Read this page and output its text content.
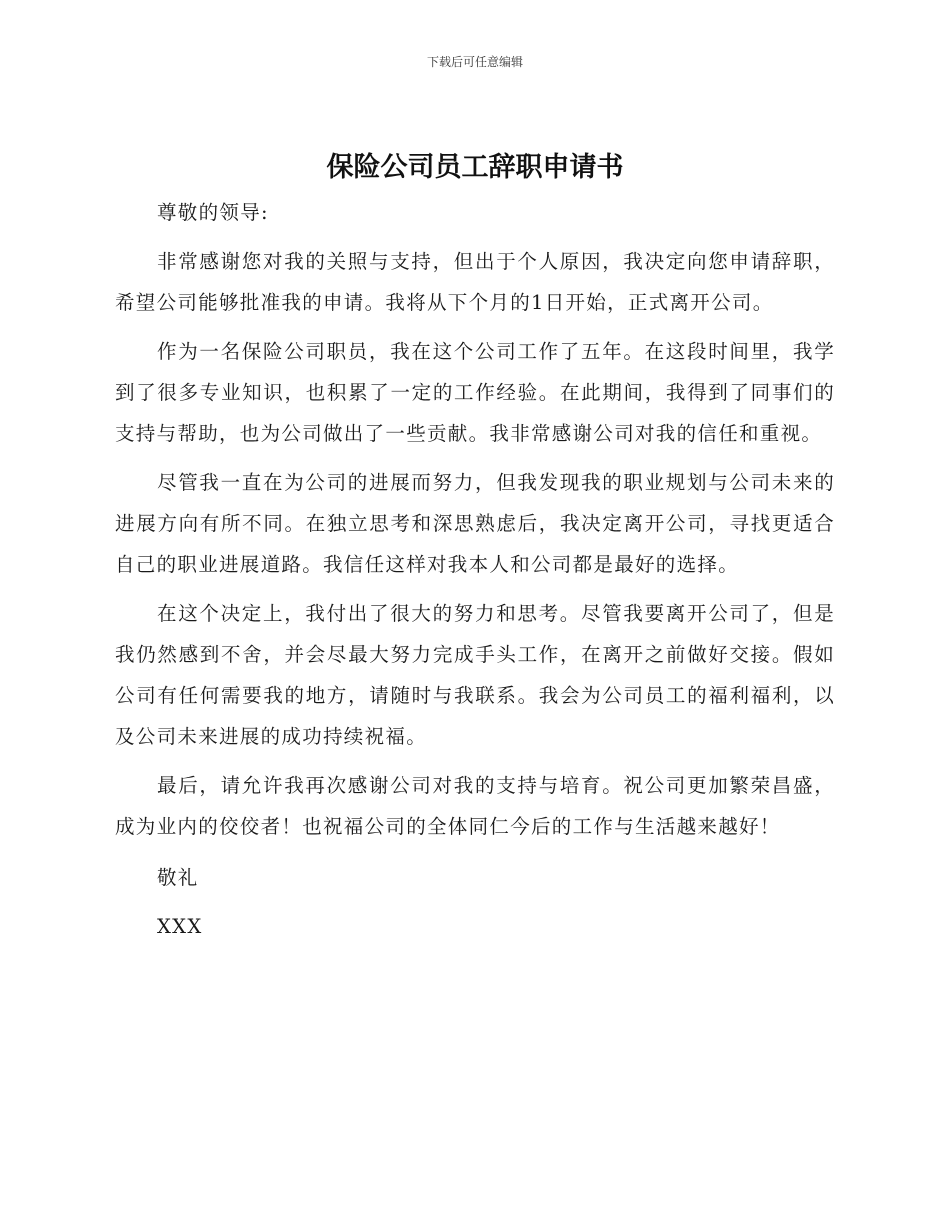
下载后可任意编辑
保险公司员工辞职申请书

尊敬的领导:

非常感谢您对我的关照与支持，但出于个人原因，我决定向您申请辞职，希望公司能够批准我的申请。我将从下个月的1日开始，正式离开公司。

作为一名保险公司职员，我在这个公司工作了五年。在这段时间里，我学到了很多专业知识，也积累了一定的工作经验。在此期间，我得到了同事们的支持与帮助，也为公司做出了一些贡献。我非常感谢公司对我的信任和重视。

尽管我一直在为公司的进展而努力，但我发现我的职业规划与公司未来的进展方向有所不同。在独立思考和深思熟虑后，我决定离开公司，寻找更适合自己的职业进展道路。我信任这样对我本人和公司都是最好的选择。

在这个决定上，我付出了很大的努力和思考。尽管我要离开公司了，但是我仍然感到不舍，并会尽最大努力完成手头工作，在离开之前做好交接。假如公司有任何需要我的地方，请随时与我联系。我会为公司员工的福利福利，以及公司未来进展的成功持续祝福。

最后，请允许我再次感谢公司对我的支持与培育。祝公司更加繁荣昌盛，成为业内的佼佼者！也祝福公司的全体同仁今后的工作与生活越来越好！

敬礼

XXX
